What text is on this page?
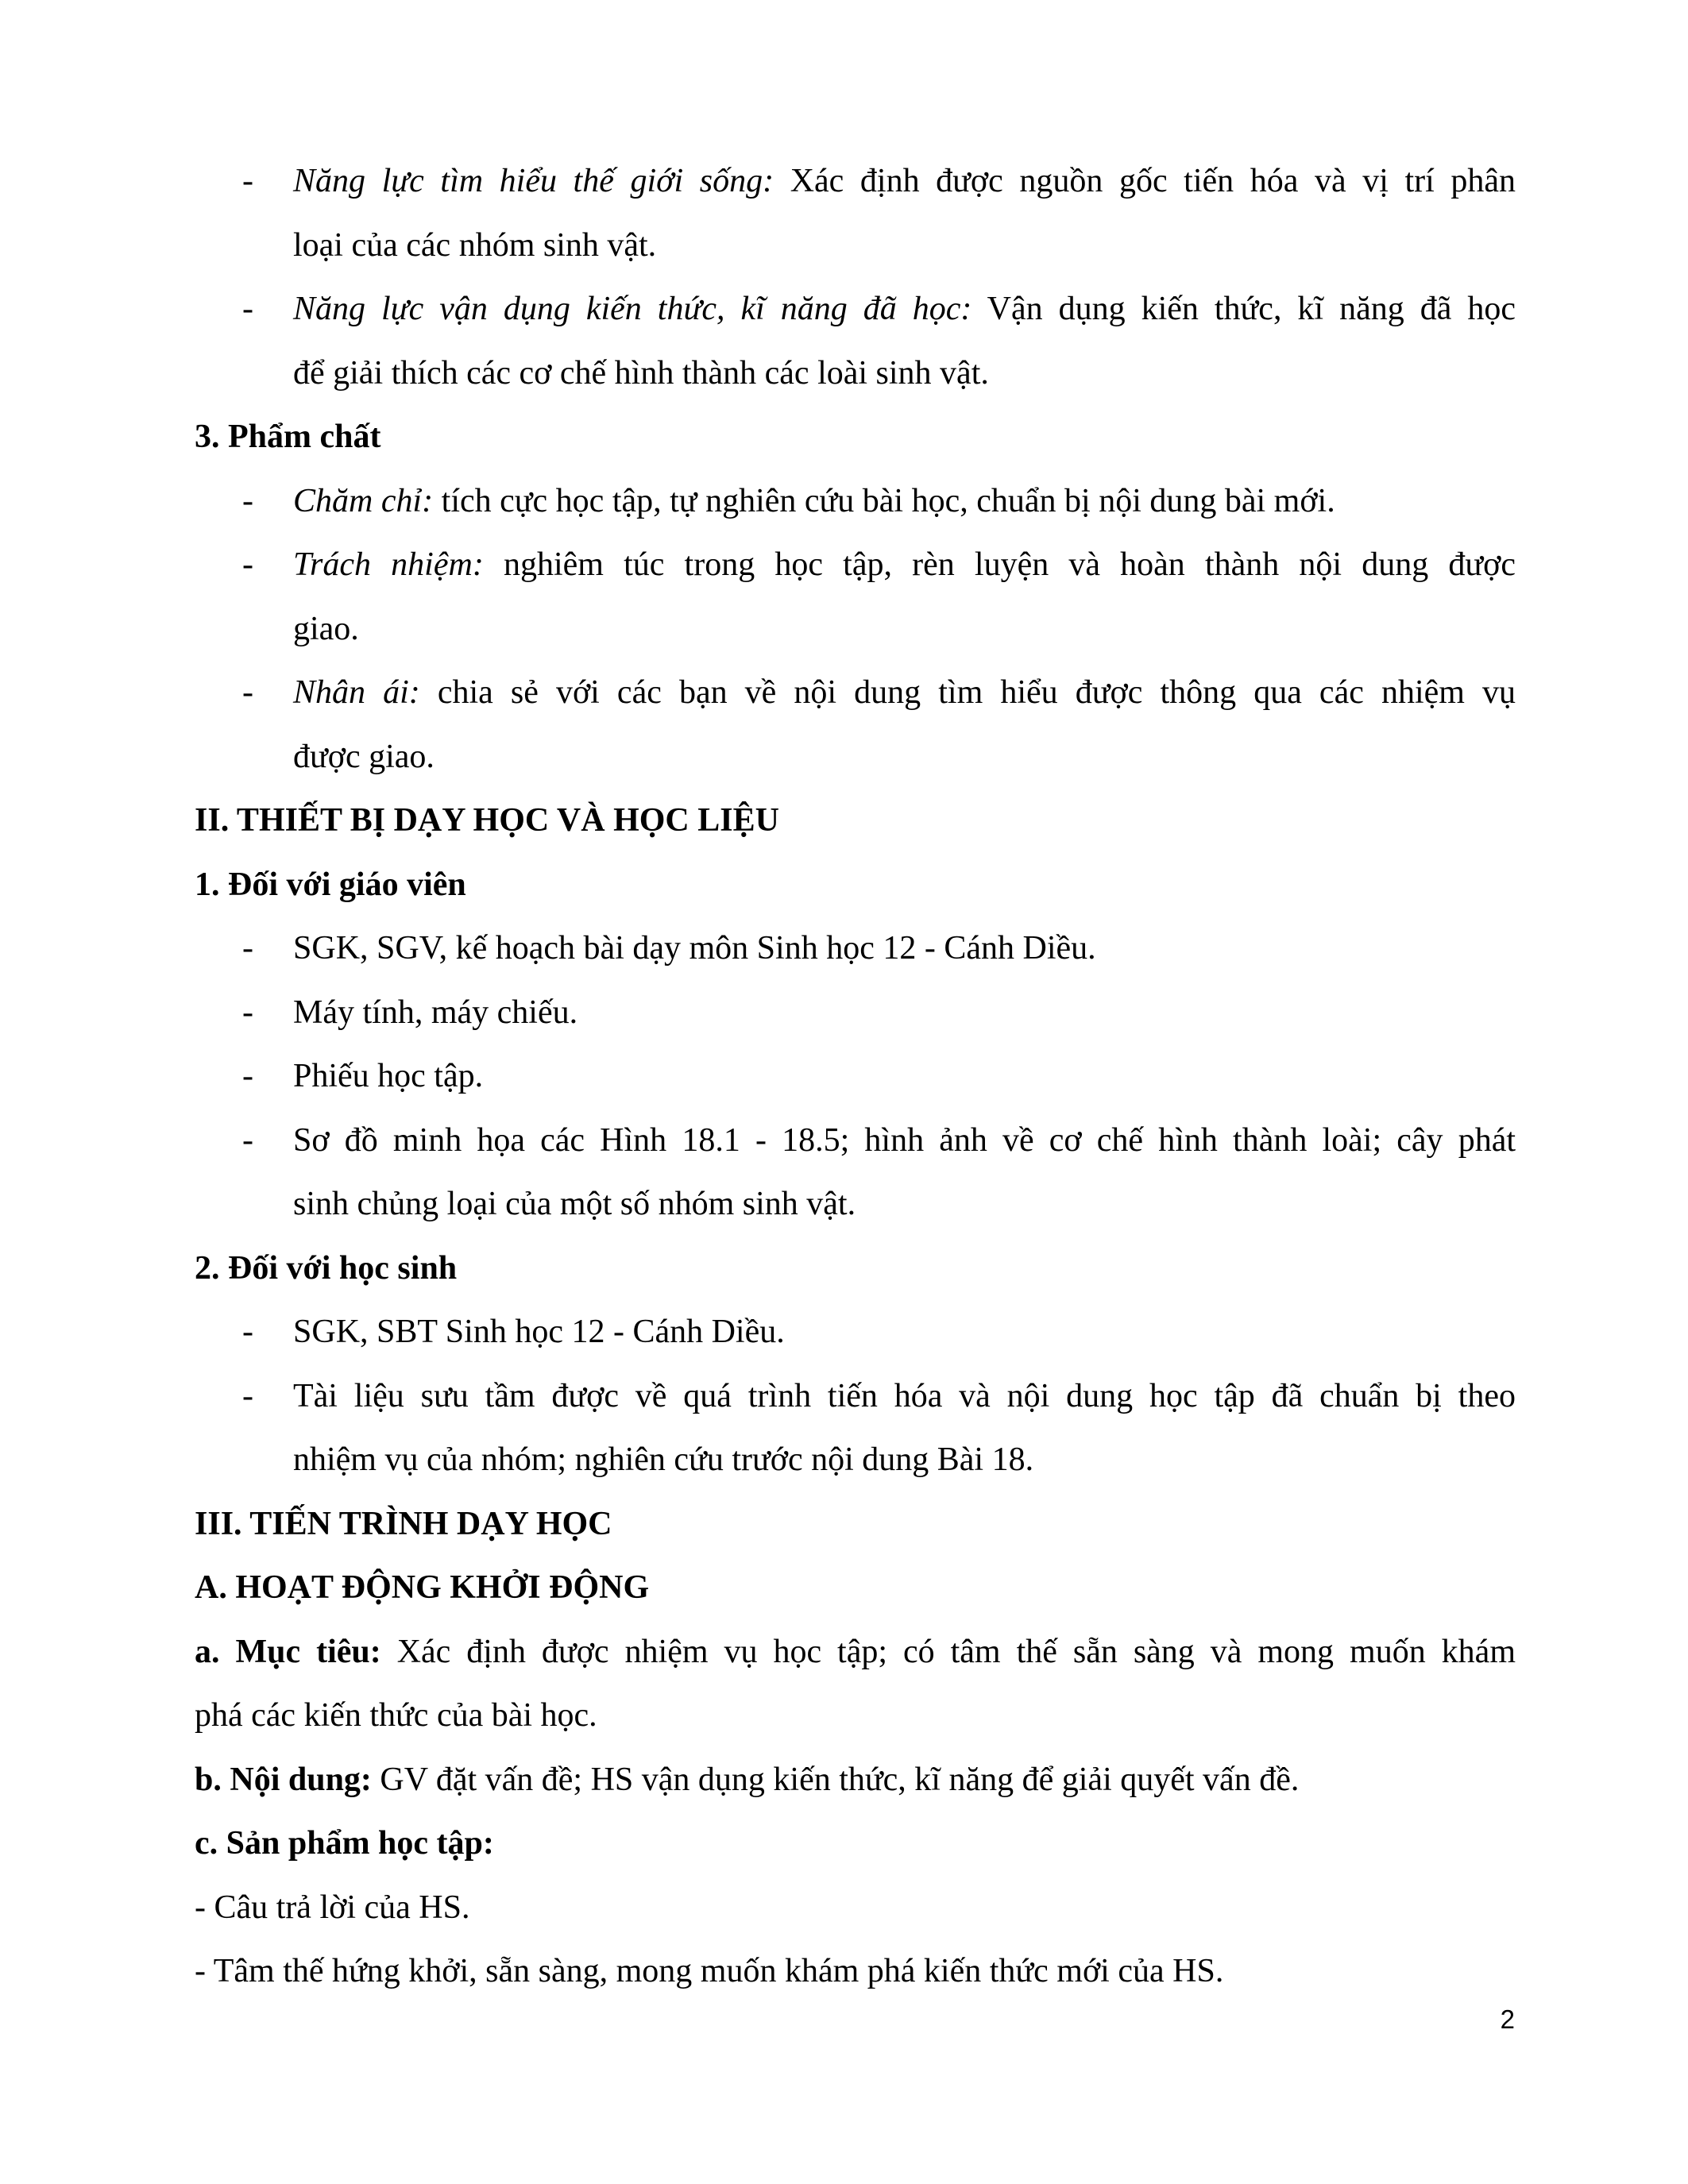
- Năng lực tìm hiểu thế giới sống: Xác định được nguồn gốc tiến hóa và vị trí phân

loại của các nhóm sinh vật.

- Năng lực vận dụng kiến thức, kĩ năng đã học: Vận dụng kiến thức, kĩ năng đã học

để giải thích các cơ chế hình thành các loài sinh vật.

3. Phẩm chất

- Chăm chỉ: tích cực học tập, tự nghiên cứu bài học, chuẩn bị nội dung bài mới.

- Trách nhiệm: nghiêm túc trong học tập, rèn luyện và hoàn thành nội dung được

giao.

- Nhân ái: chia sẻ với các bạn về nội dung tìm hiểu được thông qua các nhiệm vụ

được giao.

II. THIẾT BỊ DẠY HỌC VÀ HỌC LIỆU

1. Đối với giáo viên

- SGK, SGV, kế hoạch bài dạy môn Sinh học 12 - Cánh Diều.

- Máy tính, máy chiếu.

- Phiếu học tập.

- Sơ đồ minh họa các Hình 18.1 - 18.5; hình ảnh về cơ chế hình thành loài; cây phát

sinh chủng loại của một số nhóm sinh vật.

2. Đối với học sinh

- SGK, SBT Sinh học 12 - Cánh Diều.

- Tài liệu sưu tầm được về quá trình tiến hóa và nội dung học tập đã chuẩn bị theo

nhiệm vụ của nhóm; nghiên cứu trước nội dung Bài 18.

III. TIẾN TRÌNH DẠY HỌC

A. HOẠT ĐỘNG KHỞI ĐỘNG

a. Mục tiêu: Xác định được nhiệm vụ học tập; có tâm thế sẵn sàng và mong muốn khám

phá các kiến thức của bài học.

b. Nội dung: GV đặt vấn đề; HS vận dụng kiến thức, kĩ năng để giải quyết vấn đề.

c. Sản phẩm học tập:

- Câu trả lời của HS.

- Tâm thế hứng khởi, sẵn sàng, mong muốn khám phá kiến thức mới của HS.

2
